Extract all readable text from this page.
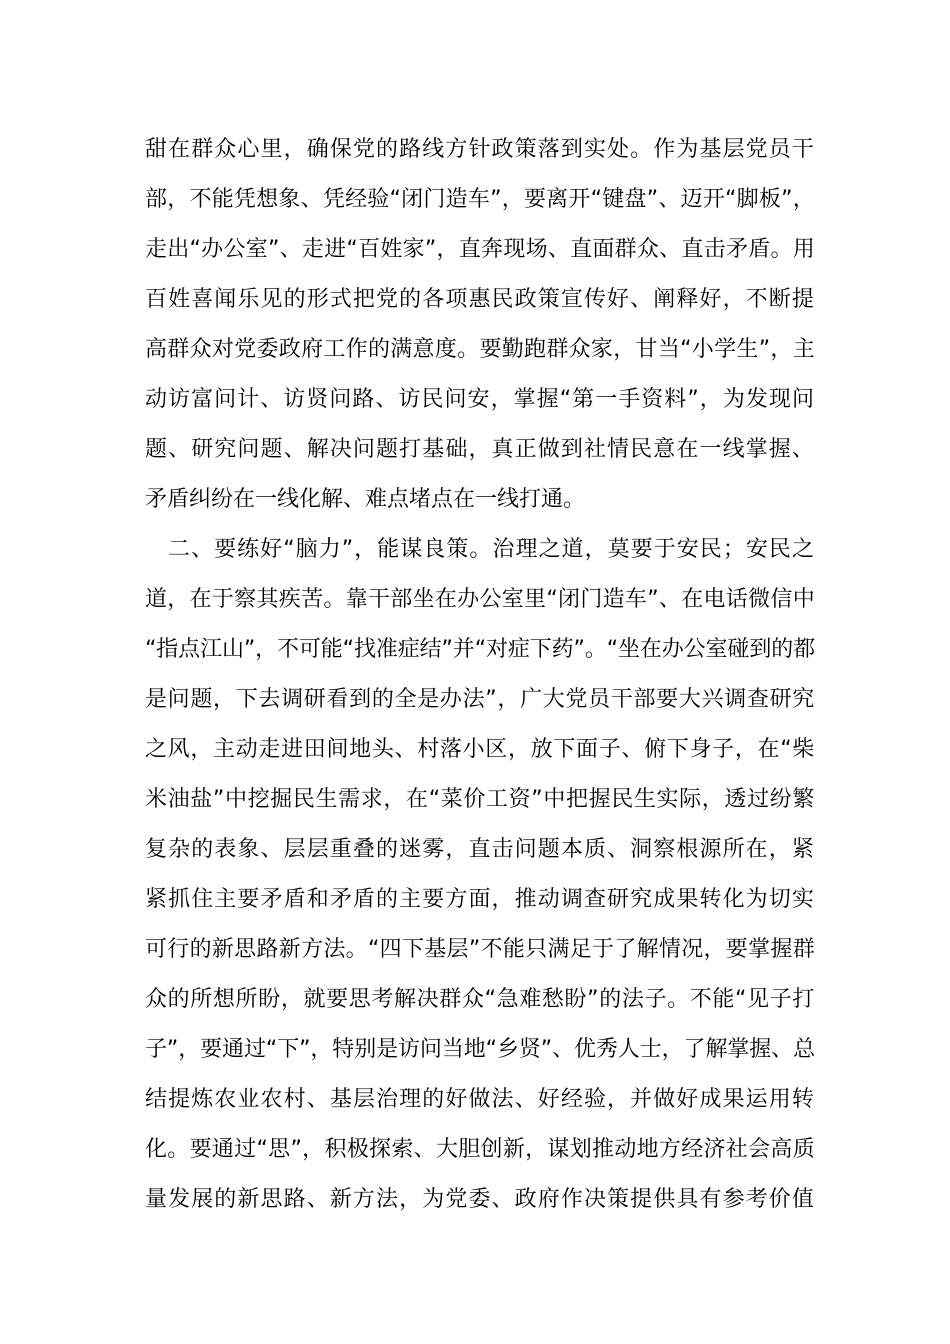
甜在群众心里，确保党的路线方针政策落到实处。作为基层党员干
部，不能凭想象、凭经验“闭门造车”，要离开“键盘”、迈开“脚板”，
走出“办公室”、走进“百姓家”，直奔现场、直面群众、直击矛盾。用
百姓喜闻乐见的形式把党的各项惠民政策宣传好、阐释好，不断提
高群众对党委政府工作的满意度。要勤跑群众家，甘当“小学生”，主
动访富问计、访贤问路、访民问安，掌握“第一手资料”，为发现问
题、研究问题、解决问题打基础，真正做到社情民意在一线掌握、
矛盾纠纷在一线化解、难点堵点在一线打通。
　二、要练好“脑力”，能谋良策。治理之道，莫要于安民；安民之
道，在于察其疾苦。靠干部坐在办公室里“闭门造车”、在电话微信中
“指点江山”，不可能“找准症结”并“对症下药”。“坐在办公室碰到的都
是问题，下去调研看到的全是办法”，广大党员干部要大兴调查研究
之风，主动走进田间地头、村落小区，放下面子、俯下身子，在“柴
米油盐”中挖掘民生需求，在“菜价工资”中把握民生实际，透过纷繁
复杂的表象、层层重叠的迷雾，直击问题本质、洞察根源所在，紧
紧抓住主要矛盾和矛盾的主要方面，推动调查研究成果转化为切实
可行的新思路新方法。“四下基层”不能只满足于了解情况，要掌握群
众的所想所盼，就要思考解决群众“急难愁盼”的法子。不能“见子打
子”，要通过“下”，特别是访问当地“乡贤”、优秀人士，了解掌握、总
结提炼农业农村、基层治理的好做法、好经验，并做好成果运用转
化。要通过“思”，积极探索、大胆创新，谋划推动地方经济社会高质
量发展的新思路、新方法，为党委、政府作决策提供具有参考价值
